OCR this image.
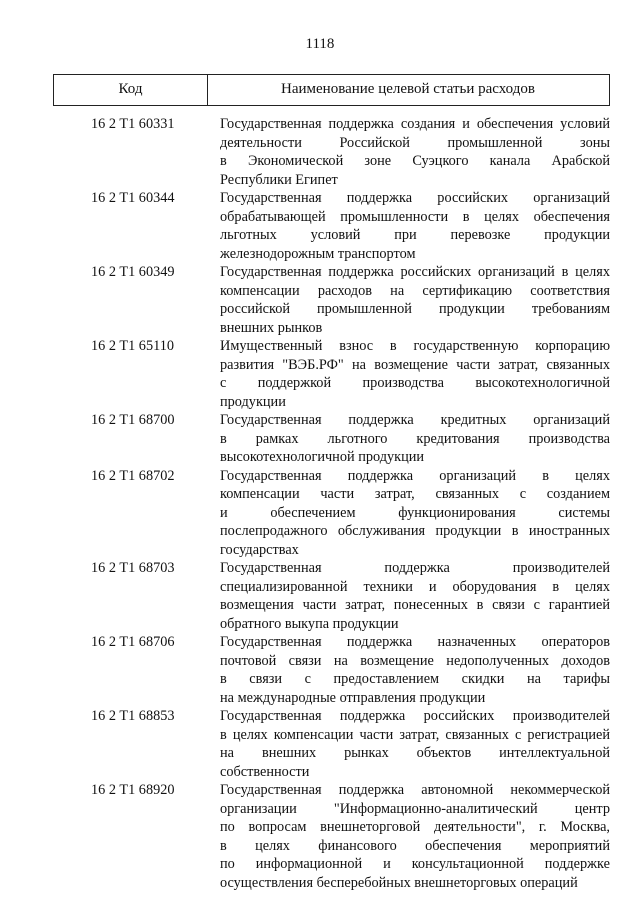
1118
Код	Наименование целевой статьи расходов
16 2 T1 60331	Государственная поддержка создания и обеспечения условий
деятельности Российской промышленной зоны
в Экономической зоне Суэцкого канала Арабской
Республики Египет
16 2 T1 60344	Государственная поддержка российских организаций
обрабатывающей промышленности в целях обеспечения
льготных условий при перевозке продукции
железнодорожным транспортом
16 2 T1 60349	Государственная поддержка российских организаций в целях
компенсации расходов на сертификацию соответствия
российской промышленной продукции требованиям
внешних рынков
16 2 T1 65110	Имущественный взнос в государственную корпорацию
развития "ВЭБ.РФ" на возмещение части затрат, связанных
с поддержкой производства высокотехнологичной
продукции
16 2 T1 68700	Государственная поддержка кредитных организаций
в рамках льготного кредитования производства
высокотехнологичной продукции
16 2 T1 68702	Государственная поддержка организаций в целях
компенсации части затрат, связанных с созданием
и обеспечением функционирования системы
послепродажного обслуживания продукции в иностранных
государствах
16 2 T1 68703	Государственная поддержка производителей
специализированной техники и оборудования в целях
возмещения части затрат, понесенных в связи с гарантией
обратного выкупа продукции
16 2 T1 68706	Государственная поддержка назначенных операторов
почтовой связи на возмещение недополученных доходов
в связи с предоставлением скидки на тарифы
на международные отправления продукции
16 2 T1 68853	Государственная поддержка российских производителей
в целях компенсации части затрат, связанных с регистрацией
на внешних рынках объектов интеллектуальной
собственности
16 2 T1 68920	Государственная поддержка автономной некоммерческой
организации "Информационно-аналитический центр
по вопросам внешнеторговой деятельности", г. Москва,
в целях финансового обеспечения мероприятий
по информационной и консультационной поддержке
осуществления бесперебойных внешнеторговых операций
